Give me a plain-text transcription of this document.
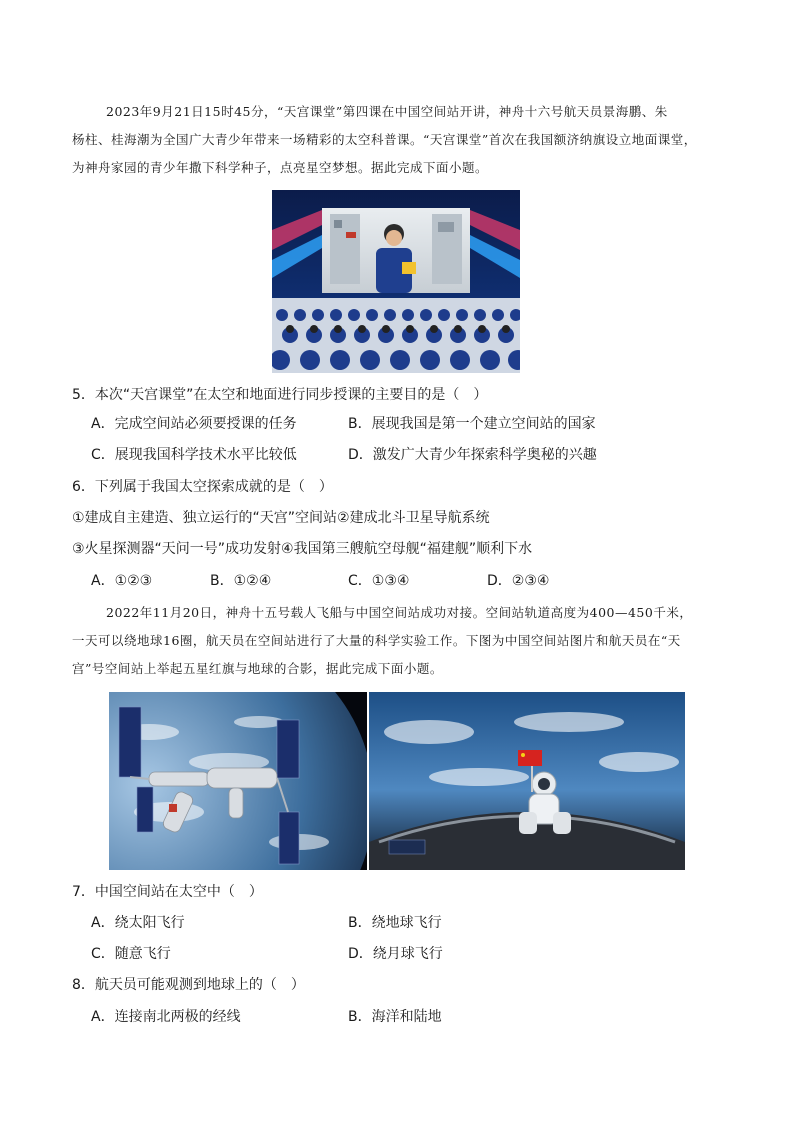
2023年9月21日15时45分，“天宫课堂”第四课在中国空间站开讲，神舟十六号航天员景海鹏、朱
杨柱、桂海潮为全国广大青少年带来一场精彩的太空科普课。“天宫课堂”首次在我国额济纳旗设立地面课堂，
为神舟家园的青少年撒下科学种子，点亮星空梦想。据此完成下面小题。
5．本次“天宫课堂”在太空和地面进行同步授课的主要目的是（　）
A．完成空间站必须要授课的任务	B．展现我国是第一个建立空间站的国家
C．展现我国科学技术水平比较低	D．激发广大青少年探索科学奥秘的兴趣
6．下列属于我国太空探索成就的是（　）
①建成自主建造、独立运行的“天宫”空间站②建成北斗卫星导航系统
③火星探测器“天问一号”成功发射④我国第三艘航空母舰“福建舰”顺利下水
A．①②③	B．①②④	C．①③④	D．②③④
2022年11月20日，神舟十五号载人飞船与中国空间站成功对接。空间站轨道高度为400—450千米，
一天可以绕地球16圈，航天员在空间站进行了大量的科学实验工作。下图为中国空间站图片和航天员在“天
宫”号空间站上举起五星红旗与地球的合影，据此完成下面小题。
7．中国空间站在太空中（　）
A．绕太阳飞行	B．绕地球飞行
C．随意飞行	D．绕月球飞行
8．航天员可能观测到地球上的（　）
A．连接南北两极的经线	B．海洋和陆地
